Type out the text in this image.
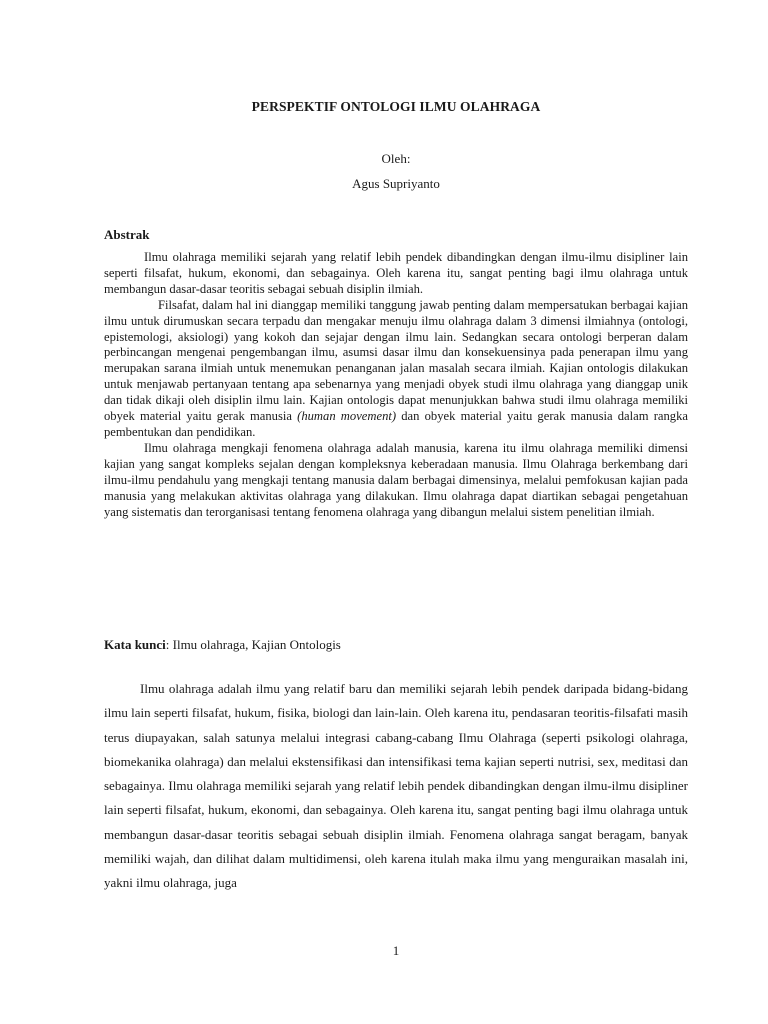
PERSPEKTIF ONTOLOGI ILMU OLAHRAGA
Oleh:
Agus Supriyanto
Abstrak

Ilmu olahraga memiliki sejarah yang relatif lebih pendek dibandingkan dengan ilmu-ilmu disipliner lain seperti filsafat, hukum, ekonomi, dan sebagainya. Oleh karena itu, sangat penting bagi ilmu olahraga untuk membangun dasar-dasar teoritis sebagai sebuah disiplin ilmiah.

Filsafat, dalam hal ini dianggap memiliki tanggung jawab penting dalam mempersatukan berbagai kajian ilmu untuk dirumuskan secara terpadu dan mengakar menuju ilmu olahraga dalam 3 dimensi ilmiahnya (ontologi, epistemologi, aksiologi) yang kokoh dan sejajar dengan ilmu lain. Sedangkan secara ontologi berperan dalam perbincangan mengenai pengembangan ilmu, asumsi dasar ilmu dan konsekuensinya pada penerapan ilmu yang merupakan sarana ilmiah untuk menemukan penanganan jalan masalah secara ilmiah. Kajian ontologis dilakukan untuk menjawab pertanyaan tentang apa sebenarnya yang menjadi obyek studi ilmu olahraga yang dianggap unik dan tidak dikaji oleh disiplin ilmu lain. Kajian ontologis dapat menunjukkan bahwa studi ilmu olahraga memiliki obyek material yaitu gerak manusia (human movement) dan obyek material yaitu gerak manusia dalam rangka pembentukan dan pendidikan.

Ilmu olahraga mengkaji fenomena olahraga adalah manusia, karena itu ilmu olahraga memiliki dimensi kajian yang sangat kompleks sejalan dengan kompleksnya keberadaan manusia. Ilmu Olahraga berkembang dari ilmu-ilmu pendahulu yang mengkaji tentang manusia dalam berbagai dimensinya, melalui pemfokusan kajian pada manusia yang melakukan aktivitas olahraga yang dilakukan. Ilmu olahraga dapat diartikan sebagai pengetahuan yang sistematis dan terorganisasi tentang fenomena olahraga yang dibangun melalui sistem penelitian ilmiah.

Kata kunci: Ilmu olahraga, Kajian Ontologis

Ilmu olahraga adalah ilmu yang relatif baru dan memiliki sejarah lebih pendek daripada bidang-bidang ilmu lain seperti filsafat, hukum, fisika, biologi dan lain-lain. Oleh karena itu, pendasaran teoritis-filsafati masih terus diupayakan, salah satunya melalui integrasi cabang-cabang Ilmu Olahraga (seperti psikologi olahraga, biomekanika olahraga) dan melalui ekstensifikasi dan intensifikasi tema kajian seperti nutrisi, sex, meditasi dan sebagainya. Ilmu olahraga memiliki sejarah yang relatif lebih pendek dibandingkan dengan ilmu-ilmu disipliner lain seperti filsafat, hukum, ekonomi, dan sebagainya. Oleh karena itu, sangat penting bagi ilmu olahraga untuk membangun dasar-dasar teoritis sebagai sebuah disiplin ilmiah. Fenomena olahraga sangat beragam, banyak memiliki wajah, dan dilihat dalam multidimensi, oleh karena itulah maka ilmu yang menguraikan masalah ini, yakni ilmu olahraga, juga

1
